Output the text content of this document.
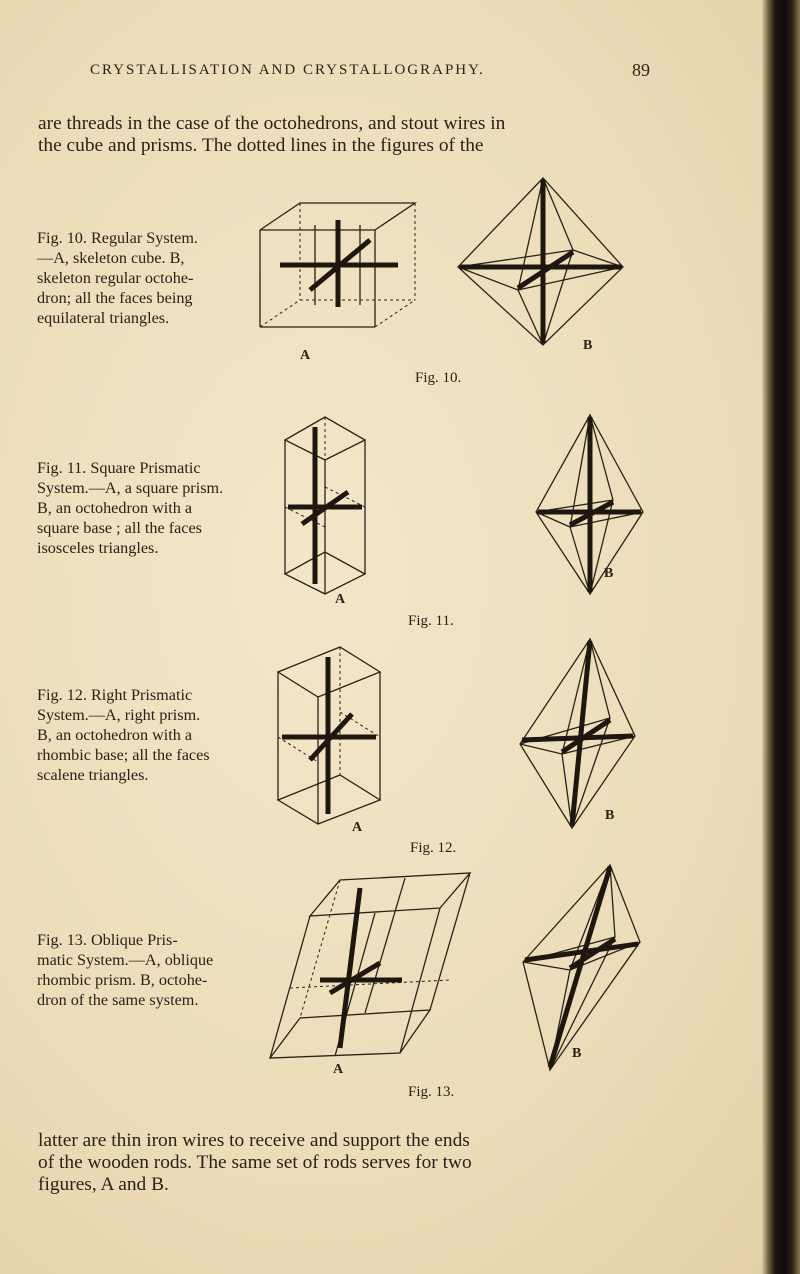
CRYSTALLISATION AND CRYSTALLOGRAPHY.	89
are threads in the case of the octohedrons, and stout wires in
the cube and prisms. The dotted lines in the figures of the
Fig. 10. Regular System.
—A, skeleton cube. B,
skeleton regular octohe-
dron; all the faces being
equilateral triangles.
A
B
Fig. 10.
Fig. 11. Square Prismatic
System.—A, a square prism.
B, an octohedron with a
square base ; all the faces
isosceles triangles.
A
B
Fig. 11.
Fig. 12. Right Prismatic
System.—A, right prism.
B, an octohedron with a
rhombic base; all the faces
scalene triangles.
A
B
Fig. 12.
Fig. 13. Oblique Pris-
matic System.—A, oblique
rhombic prism. B, octohe-
dron of the same system.
A
B
Fig. 13.
latter are thin iron wires to receive and support the ends
of the wooden rods. The same set of rods serves for two
figures, A and B.
